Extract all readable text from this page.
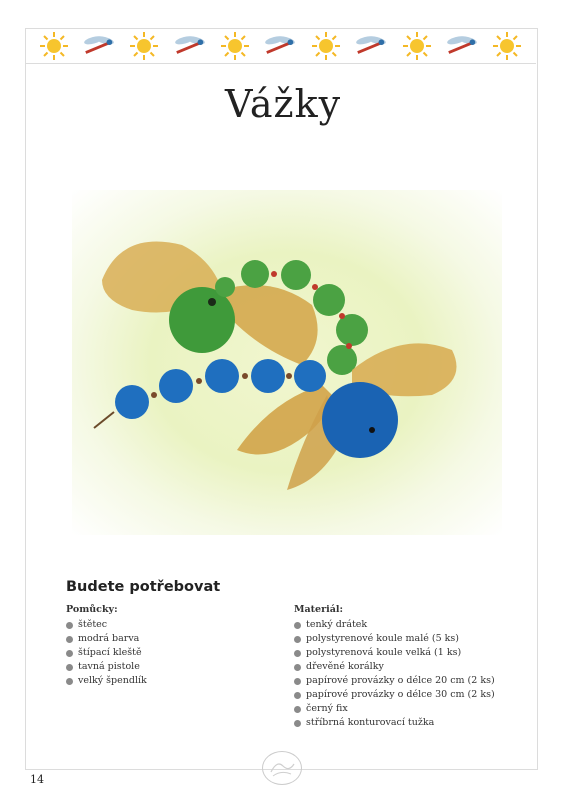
Vážky
Budete potřebovat
Pomůcky:
štětec
modrá barva
štípací kleště
tavná pistole
velký špendlík
Materiál:
tenký drátek
polystyrenové koule malé (5 ks)
polystyrenová koule velká (1 ks)
dřevěné korálky
papírové provázky o délce 20 cm (2 ks)
papírové provázky o délce 30 cm (2 ks)
černý fix
stříbrná konturovací tužka
14
